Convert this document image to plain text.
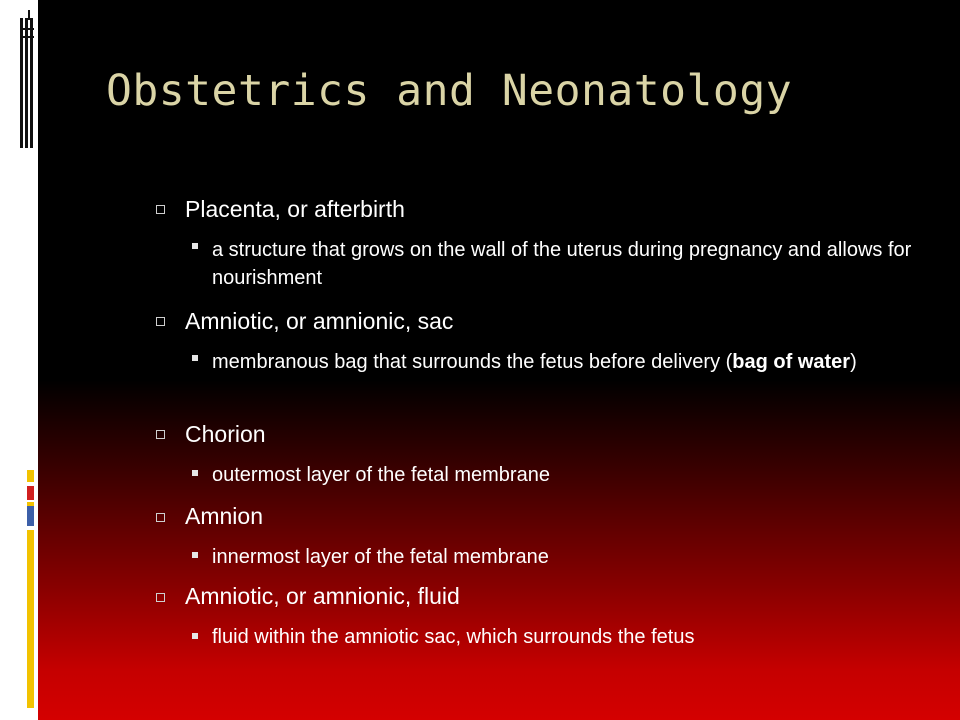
Obstetrics and Neonatology
Placenta, or afterbirth
a structure that grows on the wall of the uterus during pregnancy and allows for nourishment
Amniotic, or amnionic, sac
membranous bag that surrounds the fetus before delivery (bag of water)
Chorion
outermost layer of the fetal membrane
Amnion
innermost layer of the fetal membrane
Amniotic, or amnionic, fluid
fluid within the amniotic sac, which surrounds the fetus
